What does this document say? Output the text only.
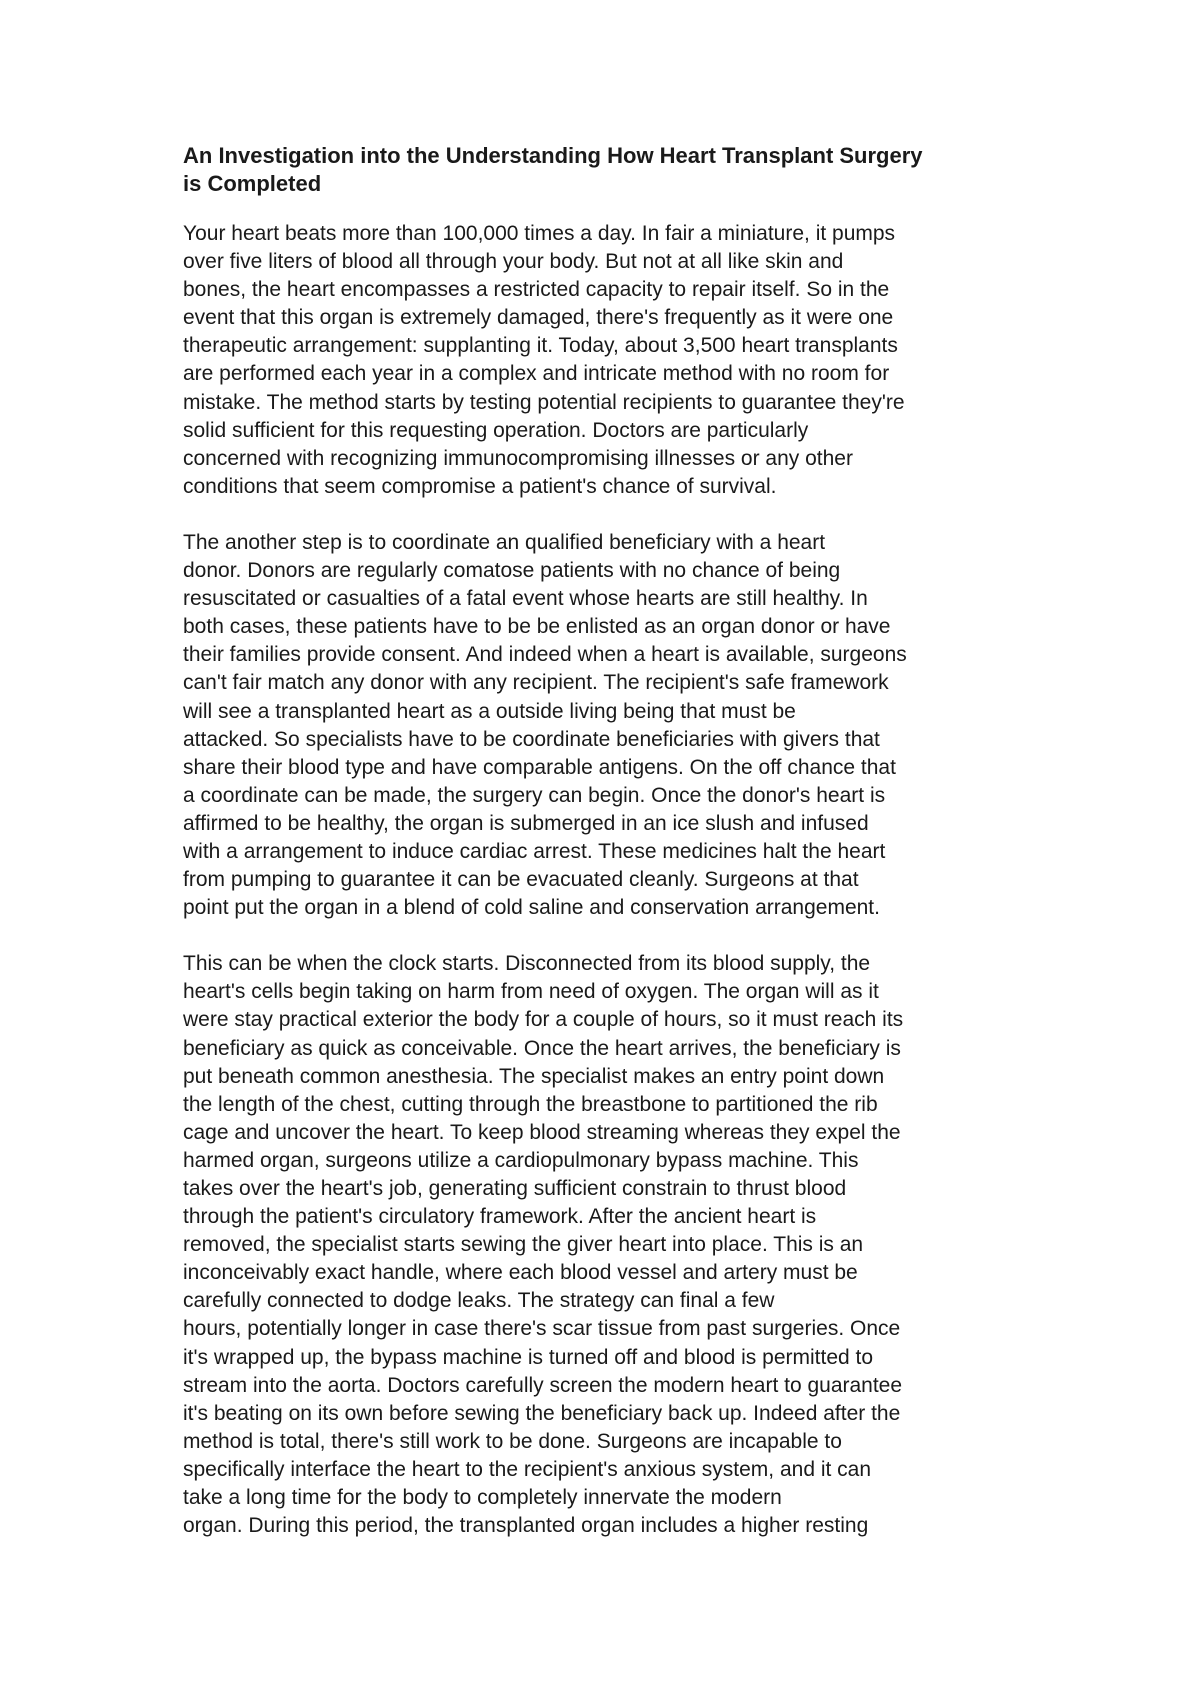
An Investigation into the Understanding How Heart Transplant Surgery
is Completed
Your heart beats more than 100,000 times a day. In fair a miniature, it pumps
over five liters of blood all through your body. But not at all like skin and
bones, the heart encompasses a restricted capacity to repair itself. So in the
event that this organ is extremely damaged, there's frequently as it were one
therapeutic arrangement: supplanting it. Today, about 3,500 heart transplants
are performed each year in a complex and intricate method with no room for
mistake. The method starts by testing potential recipients to guarantee they're
solid sufficient for this requesting operation. Doctors are particularly
concerned with recognizing immunocompromising illnesses or any other
conditions that seem compromise a patient's chance of survival.
The another step is to coordinate an qualified beneficiary with a heart
donor. Donors are regularly comatose patients with no chance of being
resuscitated or casualties of a fatal event whose hearts are still healthy. In
both cases, these patients have to be be enlisted as an organ donor or have
their families provide consent. And indeed when a heart is available, surgeons
can't fair match any donor with any recipient. The recipient's safe framework
will see a transplanted heart as a outside living being that must be
attacked. So specialists have to be coordinate beneficiaries with givers that
share their blood type and have comparable antigens. On the off chance that
a coordinate can be made, the surgery can begin. Once the donor's heart is
affirmed to be healthy, the organ is submerged in an ice slush and infused
with a arrangement to induce cardiac arrest. These medicines halt the heart
from pumping to guarantee it can be evacuated cleanly. Surgeons at that
point put the organ in a blend of cold saline and conservation arrangement.
This can be when the clock starts. Disconnected from its blood supply, the
heart's cells begin taking on harm from need of oxygen. The organ will as it
were stay practical exterior the body for a couple of hours, so it must reach its
beneficiary as quick as conceivable. Once the heart arrives, the beneficiary is
put beneath common anesthesia. The specialist makes an entry point down
the length of the chest, cutting through the breastbone to partitioned the rib
cage and uncover the heart. To keep blood streaming whereas they expel the
harmed organ, surgeons utilize a cardiopulmonary bypass machine. This
takes over the heart's job, generating sufficient constrain to thrust blood
through the patient's circulatory framework. After the ancient heart is
removed, the specialist starts sewing the giver heart into place. This is an
inconceivably exact handle, where each blood vessel and artery must be
carefully connected to dodge leaks. The strategy can final a few
hours, potentially longer in case there's scar tissue from past surgeries. Once
it's wrapped up, the bypass machine is turned off and blood is permitted to
stream into the aorta. Doctors carefully screen the modern heart to guarantee
it's beating on its own before sewing the beneficiary back up. Indeed after the
method is total, there's still work to be done. Surgeons are incapable to
specifically interface the heart to the recipient's anxious system, and it can
take a long time for the body to completely innervate the modern
organ. During this period, the transplanted organ includes a higher resting
